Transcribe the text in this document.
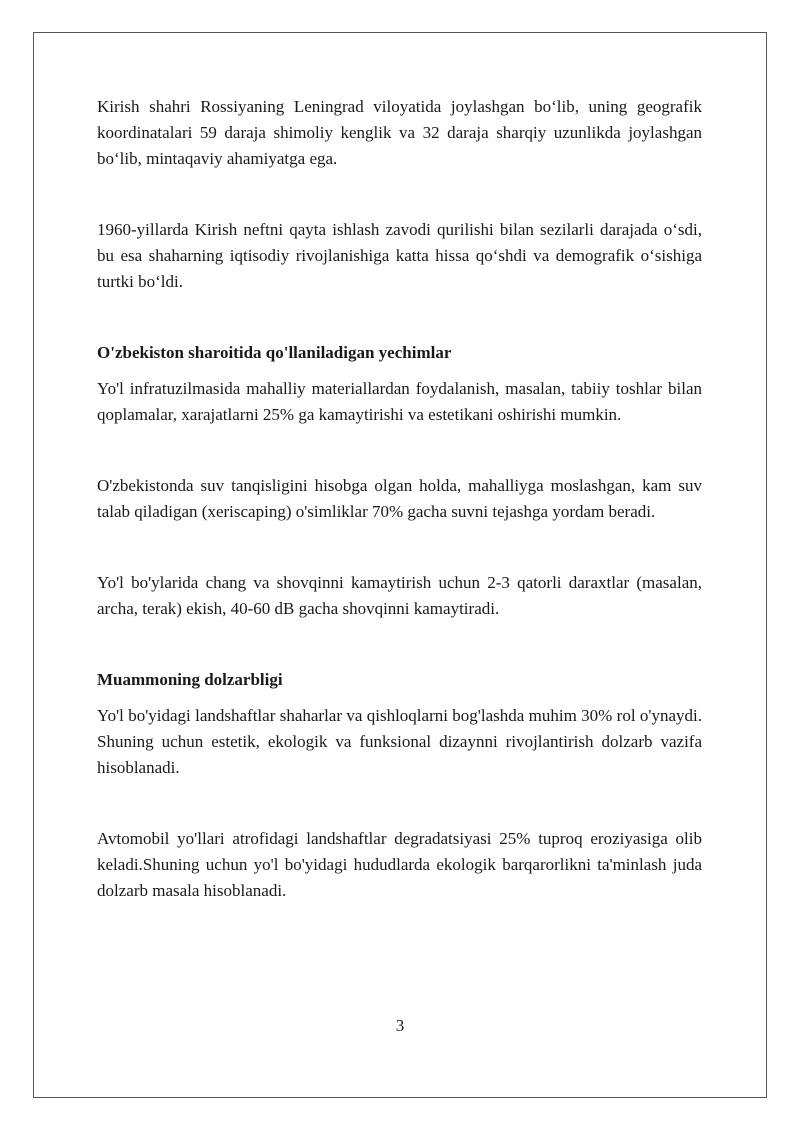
Kirish shahri Rossiyaning Leningrad viloyatida joylashgan bo‘lib, uning geografik koordinatalari 59 daraja shimoliy kenglik va 32 daraja sharqiy uzunlikda joylashgan bo‘lib, mintaqaviy ahamiyatga ega.

1960-yillarda Kirish neftni qayta ishlash zavodi qurilishi bilan sezilarli darajada o‘sdi, bu esa shaharning iqtisodiy rivojlanishiga katta hissa qo‘shdi va demografik o‘sishiga turtki bo‘ldi.

O'zbekiston sharoitida qo'llaniladigan yechimlar

Yo'l infratuzilmasida mahalliy materiallardan foydalanish, masalan, tabiiy toshlar bilan qoplamalar, xarajatlarni 25% ga kamaytirishi va estetikani oshirishi mumkin.

O'zbekistonda suv tanqisligini hisobga olgan holda, mahalliyga moslashgan, kam suv talab qiladigan (xeriscaping) o'simliklar 70% gacha suvni tejashga yordam beradi.

Yo'l bo'ylarida chang va shovqinni kamaytirish uchun 2-3 qatorli daraxtlar (masalan, archa, terak) ekish, 40-60 dB gacha shovqinni kamaytiradi.

Muammoning dolzarbligi

Yo'l bo'yidagi landshaftlar shaharlar va qishloqlarni bog'lashda muhim 30% rol o'ynaydi. Shuning uchun estetik, ekologik va funksional dizaynni rivojlantirish dolzarb vazifa hisoblanadi.

Avtomobil yo'llari atrofidagi landshaftlar degradatsiyasi 25% tuproq eroziyasiga olib keladi.Shuning uchun yo'l bo'yidagi hududlarda ekologik barqarorlikni ta'minlash juda dolzarb masala hisoblanadi.

3
